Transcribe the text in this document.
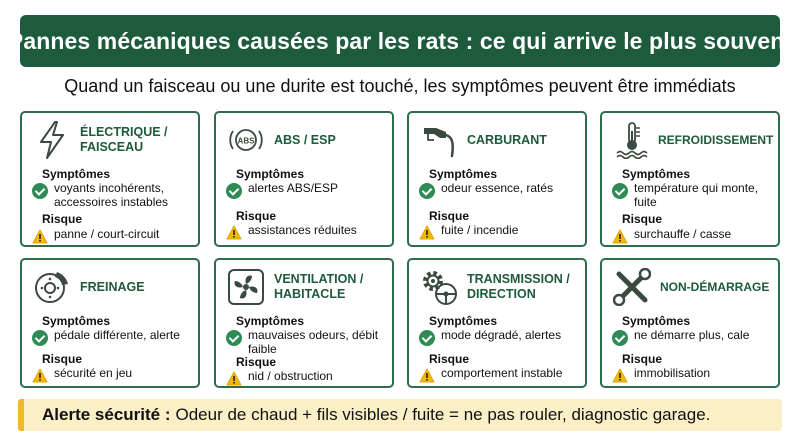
Pannes mécaniques causées par les rats : ce qui arrive le plus souvent
Quand un faisceau ou une durite est touché, les symptômes peuvent être immédiats
ÉLECTRIQUE /
FAISCEAU
Symptômes
voyants incohérents, accessoires instables
Risque
panne / court-circuit
ABS ABS / ESP
Symptômes
alertes ABS/ESP
Risque
assistances réduites
CARBURANT
Symptômes
odeur essence, ratés
Risque
fuite / incendie
REFROIDISSEMENT
Symptômes
température qui monte, fuite
Risque
surchauffe / casse
FREINAGE
Symptômes
pédale différente, alerte
Risque
sécurité en jeu
VENTILATION /
HABITACLE
Symptômes
mauvaises odeurs, débit faible
Risque
nid / obstruction
TRANSMISSION /
DIRECTION
Symptômes
mode dégradé, alertes
Risque
comportement instable
NON-DÉMARRAGE
Symptômes
ne démarre plus, cale
Risque
immobilisation
Alerte sécurité : Odeur de chaud + fils visibles / fuite = ne pas rouler, diagnostic garage.
